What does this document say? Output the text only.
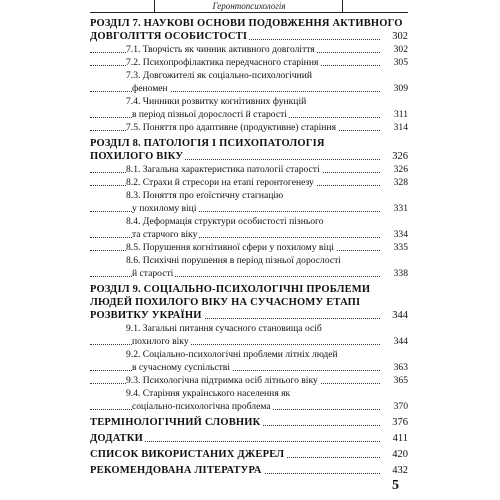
Геронтопсихологія
РОЗДІЛ 7. НАУКОВІ ОСНОВИ ПОДОВЖЕННЯ АКТИВНОГО
ДОВГОЛІТТЯ ОСОБИСТОСТІ	302
7.1. Творчість як чинник активного довголіття	302
7.2. Психопрофілактика передчасного старіння	305
7.3. Довгожителі як соціально-психологічний
феномен	309
7.4. Чинники розвитку когнітивних функцій
в період пізньої дорослості й старості	311
7.5. Поняття про адаптивне (продуктивне) старіння	314
РОЗДІЛ 8. ПАТОЛОГІЯ І ПСИХОПАТОЛОГІЯ
ПОХИЛОГО ВІКУ	326
8.1. Загальна характеристика патології старості	326
8.2. Страхи й стресори на етапі геронтогенезу	328
8.3. Поняття про еґоїстичну стагнацію
у похилому віці	331
8.4. Деформація структури особистості пізнього
та старчого віку	334
8.5. Порушення когнітивної сфери у похилому віці	335
8.6. Психічні порушення в період пізньої дорослості
й старості	338
РОЗДІЛ 9. СОЦІАЛЬНО-ПСИХОЛОГІЧНІ ПРОБЛЕМИ
ЛЮДЕЙ ПОХИЛОГО ВІКУ НА СУЧАСНОМУ ЕТАПІ
РОЗВИТКУ УКРАЇНИ	344
9.1. Загальні питання сучасного становища осіб
похилого віку	344
9.2. Соціально-психологічні проблеми літніх людей
в сучасному суспільстві	363
9.3. Психологічна підтримка осіб літнього віку	365
9.4. Старіння українського населення як
соціально-психологічна проблема	370
ТЕРМІНОЛОГІЧНИЙ СЛОВНИК	376
ДОДАТКИ	411
СПИСОК ВИКОРИСТАНИХ ДЖЕРЕЛ	420
РЕКОМЕНДОВАНА ЛІТЕРАТУРА	432
5
